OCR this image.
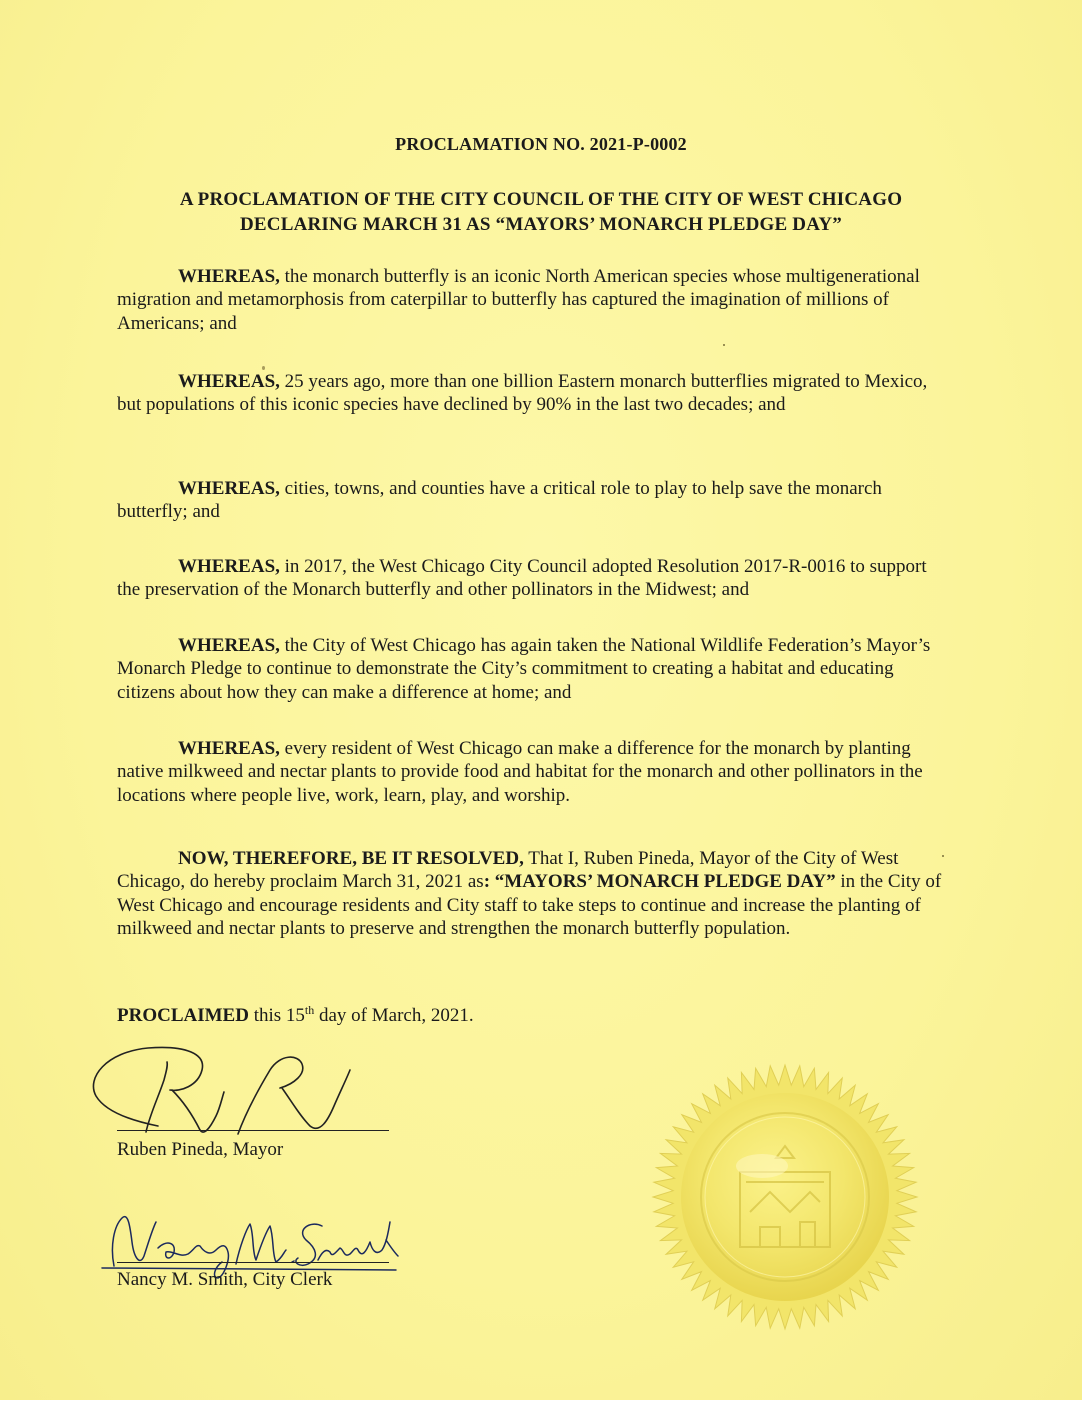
PROCLAMATION NO. 2021-P-0002
A PROCLAMATION OF THE CITY COUNCIL OF THE CITY OF WEST CHICAGO
DECLARING MARCH 31 AS “MAYORS’ MONARCH PLEDGE DAY”

WHEREAS, the monarch butterfly is an iconic North American species whose multigenerational migration and metamorphosis from caterpillar to butterfly has captured the imagination of millions of Americans; and

WHEREAS, 25 years ago, more than one billion Eastern monarch butterflies migrated to Mexico, but populations of this iconic species have declined by 90% in the last two decades; and

WHEREAS, cities, towns, and counties have a critical role to play to help save the monarch butterfly; and

WHEREAS, in 2017, the West Chicago City Council adopted Resolution 2017-R-0016 to support the preservation of the Monarch butterfly and other pollinators in the Midwest; and

WHEREAS, the City of West Chicago has again taken the National Wildlife Federation’s Mayor’s Monarch Pledge to continue to demonstrate the City’s commitment to creating a habitat and educating citizens about how they can make a difference at home; and

WHEREAS, every resident of West Chicago can make a difference for the monarch by planting native milkweed and nectar plants to provide food and habitat for the monarch and other pollinators in the locations where people live, work, learn, play, and worship.

NOW, THEREFORE, BE IT RESOLVED, That I, Ruben Pineda, Mayor of the City of West Chicago, do hereby proclaim March 31, 2021 as: “MAYORS’ MONARCH PLEDGE DAY” in the City of West Chicago and encourage residents and City staff to take steps to continue and increase the planting of milkweed and nectar plants to preserve and strengthen the monarch butterfly population.

PROCLAIMED this 15th day of March, 2021.
Ruben Pineda, Mayor
Nancy M. Smith, City Clerk
